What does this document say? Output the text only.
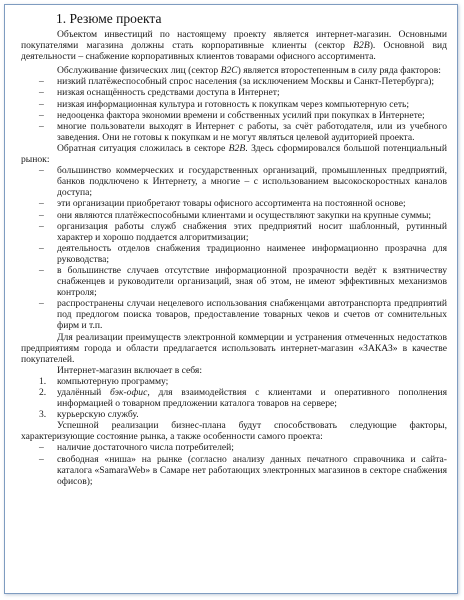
1. Резюме проекта

Объектом инвестиций по настоящему проекту является интернет-магазин. Основными покупателями магазина должны стать корпоративные клиенты (сектор B2B). Основной вид деятельности – снабжение корпоративных клиентов товарами офисного ассортимента.

Обслуживание физических лиц (сектор B2C) является второстепенным в силу ряда факторов:

– низкий платёжеспособный спрос населения (за исключением Москвы и Санкт-Петербурга);
– низкая оснащённость средствами доступа в Интернет;
– низкая информационная культура и готовность к покупкам через компьютерную сеть;
– недооценка фактора экономии времени и собственных усилий при покупках в Интернете;
– многие пользователи выходят в Интернет с работы, за счёт работодателя, или из учебного заведения. Они не готовы к покупкам и не могут являться целевой аудиторией проекта.

Обратная ситуация сложилась в секторе B2B. Здесь сформировался большой потенциальный рынок:

– большинство коммерческих и государственных организаций, промышленных предприятий, банков подключено к Интернету, а многие – с использованием высокоскоростных каналов доступа;
– эти организации приобретают товары офисного ассортимента на постоянной основе;
– они являются платёжеспособными клиентами и осуществляют закупки на крупные суммы;
– организация работы служб снабжения этих предприятий носит шаблонный, рутинный характер и хорошо поддается алгоритмизации;
– деятельность отделов снабжения традиционно наименее информационно прозрачна для руководства;
– в большинстве случаев отсутствие информационной прозрачности ведёт к взятничеству снабженцев и руководители организаций, зная об этом, не имеют эффективных механизмов контроля;
– распространены случаи нецелевого использования снабженцами автотранспорта предприятий под предлогом поиска товаров, предоставление товарных чеков и счетов от сомнительных фирм и т.п.

Для реализации преимуществ электронной коммерции и устранения отмеченных недостатков предприятиям города и области предлагается использовать интернет-магазин «ЗАКАЗ» в качестве покупателей.

Интернет-магазин включает в себя:

1. компьютерную программу;
2. удалённый бэк-офис, для взаимодействия с клиентами и оперативного пополнения информацией о товарном предложении каталога товаров на сервере;
3. курьерскую службу.

Успешной реализации бизнес-плана будут способствовать следующие факторы, характеризующие состояние рынка, а также особенности самого проекта:

– наличие достаточного числа потребителей;
– свободная «ниша» на рынке (согласно анализу данных печатного справочника и сайта-каталога «SamaraWeb» в Самаре нет работающих электронных магазинов в секторе снабжения офисов);
